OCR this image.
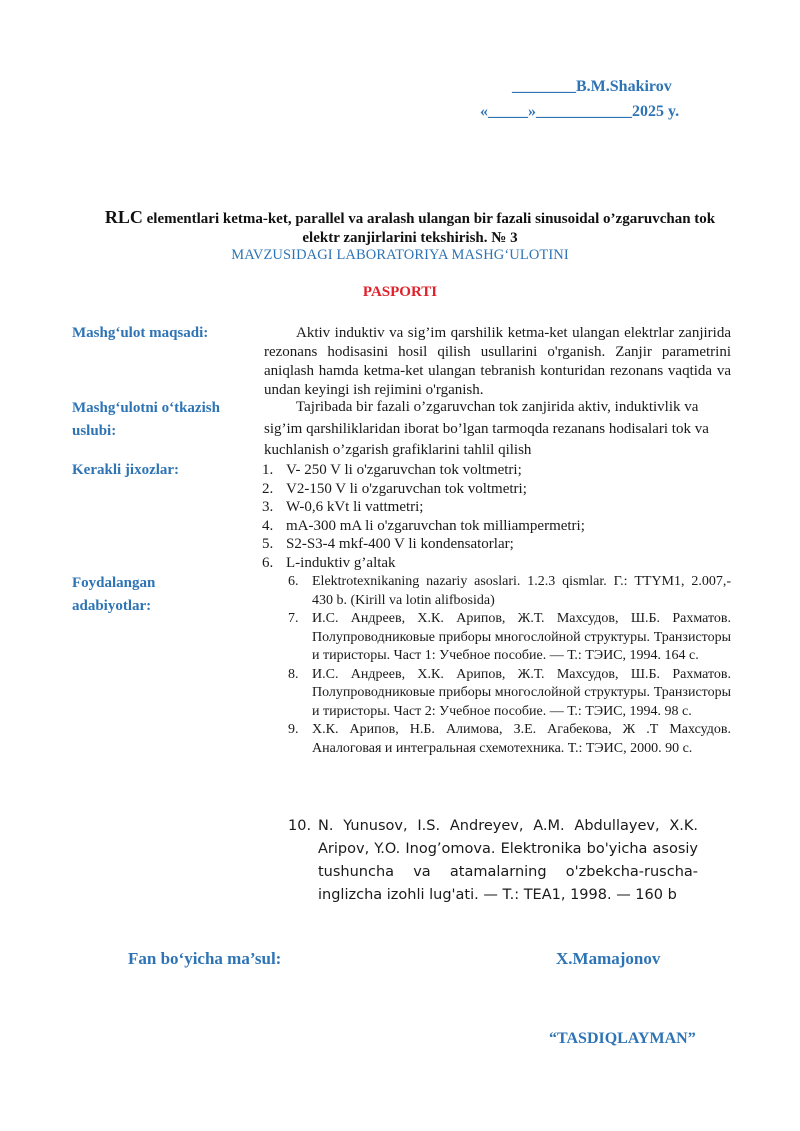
________B.M.Shakirov
«_____»____________2025 y.
RLC elementlari ketma-ket, parallel va aralash ulangan bir fazali sinusoidal o’zgaruvchan tok
elektr zanjirlarini tekshirish. № 3
MAVZUSIDAGI LABORATORIYA MASHG‘ULOTINI
PASPORTI
Mashg‘ulot maqsadi:	Aktiv induktiv va sig’im qarshilik ketma-ket ulangan elektrlar zanjirida rezonans hodisasini hosil qilish usullarini o'rganish. Zanjir parametrini aniqlash hamda ketma-ket ulangan tebranish konturidan rezonans vaqtida va undan keyingi ish rejimini o'rganish.
Mashg‘ulotni o‘tkazish
uslubi:
Tajribada bir fazali o’zgaruvchan tok zanjirida aktiv, induktivlik va sig’im qarshiliklaridan iborat bo’lgan tarmoqda rezanans hodisalari tok va kuchlanish o’zgarish grafiklarini tahlil qilish
Kerakli jixozlar:	1. V- 250 V li o'zgaruvchan tok voltmetri;
2. V2-150 V li o'zgaruvchan tok voltmetri;
3. W-0,6 kVt li vattmetri;
4. mA-300 mA li o'zgaruvchan tok milliampermetri;
5. S2-S3-4 mkf-400 V li kondensatorlar;
6. L-induktiv g’altak
Foydalangan
adabiyotlar:
6. Elektrotexnikaning nazariy asoslari. 1.2.3 qismlar. Г.: TTYM1, 2.007,- 430 b. (Kirill va lotin alifbosida)
7. И.С. Андреев, Х.К. Арипов, Ж.Т. Махсудов, Ш.Б. Рахматов. Полупроводниковые приборы многослойной структуры. Транзисторы и тиристоры. Част 1: Учебное пособие. — Т.: ТЭИС, 1994. 164 с.
8. И.С. Андреев, Х.К. Арипов, Ж.Т. Махсудов, Ш.Б. Рахматов. Полупроводниковые приборы многослойной структуры. Транзисторы и тиристоры. Част 2: Учебное пособие. — Т.: ТЭИС, 1994. 98 с.
9. Х.К. Арипов, Н.Б. Алимова, З.Е. Агабекова, Ж .Т Махсудов. Аналоговая и интегральная схемотехника. Т.: ТЭИС, 2000. 90 с.
10. N. Yunusov, I.S. Andreyev, A.M. Abdullayev, X.K. Aripov, Y.O. Inog’omova. Elektronika bo'yicha asosiy tushuncha va atamalarning o'zbekcha-ruscha-inglizcha izohli lug'ati. — T.: TEA1, 1998. — 160 b
Fan bo‘yicha ma’sul:	X.Mamajonov
“TASDIQLAYMAN”
